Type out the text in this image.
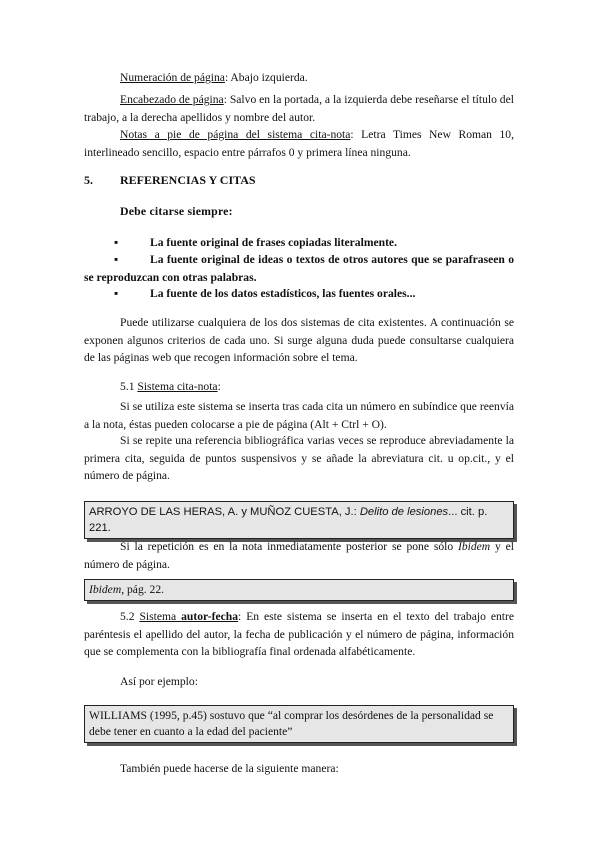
Numeración de página: Abajo izquierda.

Encabezado de página: Salvo en la portada, a la izquierda debe reseñarse el título del trabajo, a la derecha apellidos y nombre del autor.

Notas a pie de página del sistema cita-nota: Letra Times New Roman 10, interlineado sencillo, espacio entre párrafos 0 y primera línea ninguna.

5. REFERENCIAS Y CITAS
Debe citarse siempre:
▪	La fuente original de frases copiadas literalmente.
▪	La fuente original de ideas o textos de otros autores que se parafraseen o se reproduzcan con otras palabras.
▪	La fuente de los datos estadísticos, las fuentes orales...

Puede utilizarse cualquiera de los dos sistemas de cita existentes. A continuación se exponen algunos criterios de cada uno. Si surge alguna duda puede consultarse cualquiera de las páginas web que recogen información sobre el tema.

5.1 Sistema cita-nota:

Si se utiliza este sistema se inserta tras cada cita un número en subíndice que reenvía a la nota, éstas pueden colocarse a pie de página (Alt + Ctrl + O).

Si se repite una referencia bibliográfica varias veces se reproduce abreviadamente la primera cita, seguida de puntos suspensivos y se añade la abreviatura cit. u op.cit., y el número de página.

ARROYO DE LAS HERAS, A. y MUÑOZ CUESTA, J.: Delito de lesiones... cit. p. 221.

Si la repetición es en la nota inmediatamente posterior se pone sólo Ibidem y el número de página.

Ibidem, pág. 22.

5.2 Sistema autor-fecha: En este sistema se inserta en el texto del trabajo entre paréntesis el apellido del autor, la fecha de publicación y el número de página, información que se complementa con la bibliografía final ordenada alfabéticamente.

Así por ejemplo:

WILLIAMS (1995, p.45) sostuvo que “al comprar los desórdenes de la personalidad se debe tener en cuanto a la edad del paciente”

También puede hacerse de la siguiente manera:
